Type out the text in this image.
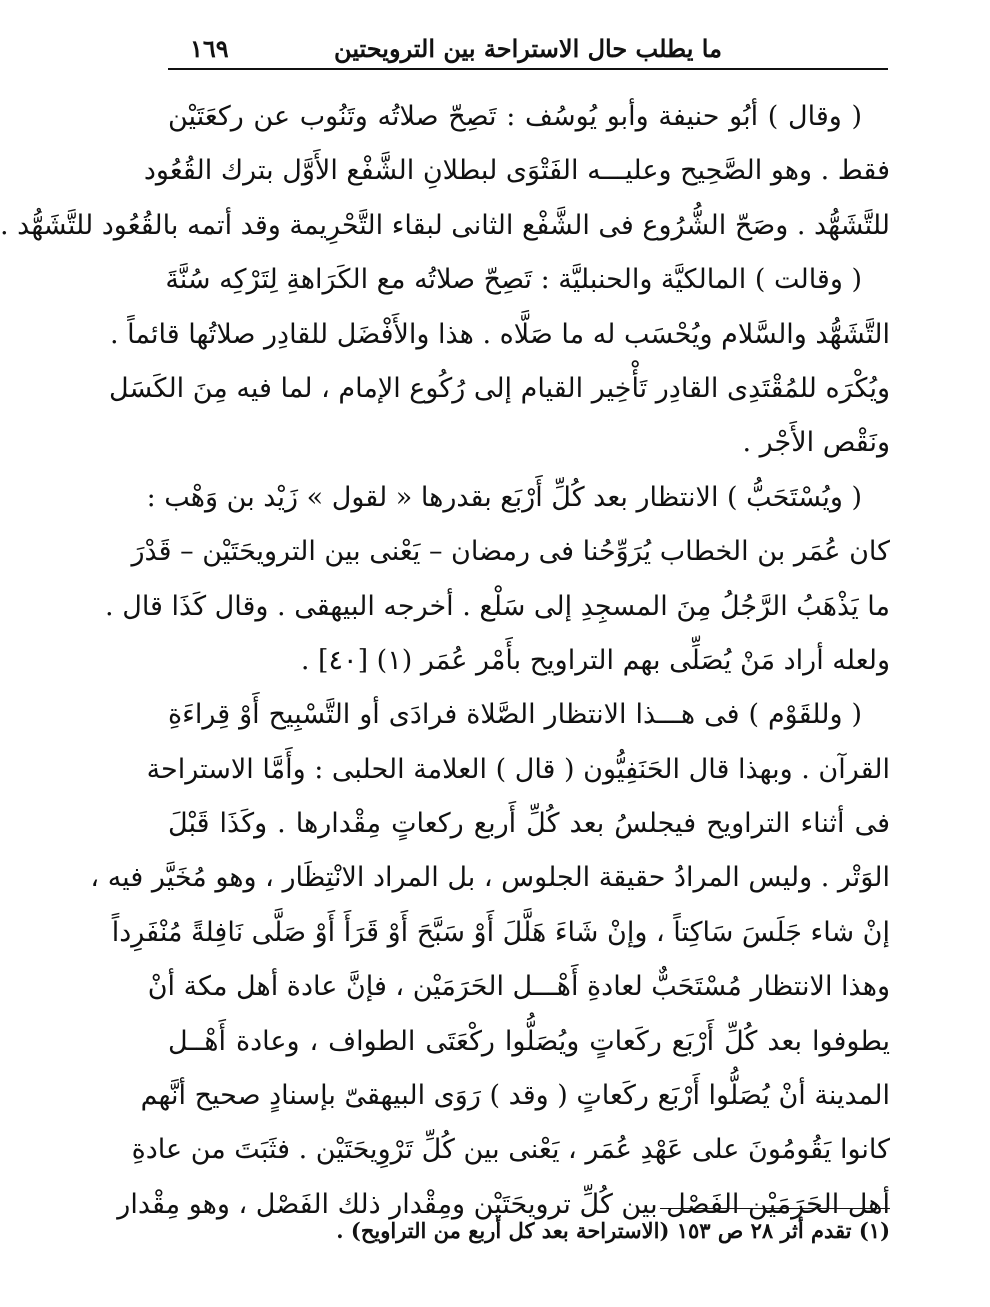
ما يطلب حال الاستراحة بين الترويحتين
١٦٩
( وقال ) أبُو حنيفة وأبو يُوسُف : تَصِحّ صلاتُه وتَنُوب عن ركعَتَيْن
فقط . وهو الصَّحِيح وعليـــه الفَتْوَى لبطلانِ الشَّفْع الأَوَّل بترك القُعُود
للتَّشَهُّد . وصَحّ الشُّرُوع فى الشَّفْع الثانى لبقاء التَّحْرِيمة وقد أتمه بالقُعُود للتَّشَهُّد .
( وقالت ) المالكيَّة والحنبليَّة : تَصِحّ صلاتُه مع الكَرَاهةِ لِتَرْكِه سُنَّةَ
التَّشَهُّد والسَّلام ويُحْسَب له ما صَلَّاه . هذا والأَفْضَل للقادِر صلاتُها قائماً .
ويُكْرَه للمُقْتَدِى القادِر تَأْخِير القيام إلى رُكُوع الإمام ، لما فيه مِنَ الكَسَل
ونَقْص الأَجْر .
( ويُسْتَحَبُّ ) الانتظار بعد كُلِّ أَرْبَع بقدرها « لقول » زَيْد بن وَهْب :
كان عُمَر بن الخطاب يُرَوِّحُنا فى رمضان – يَعْنى بين الترويحَتَيْن – قَدْرَ
ما يَذْهَبُ الرَّجُلُ مِنَ المسجِدِ إلى سَلْع . أخرجه البيهقى . وقال كَذَا قال .
ولعله أراد مَنْ يُصَلِّى بهم التراويح بأَمْر عُمَر (١) [٤٠] .
( وللقَوْم ) فى هـــذا الانتظار الصَّلاة فرادَى أو التَّسْبِيح أَوْ قِراءَةِ
القرآن . وبهذا قال الحَنَفِيُّون ( قال ) العلامة الحلبى : وأَمَّا الاستراحة
فى أثناء التراويح فيجلسُ بعد كُلِّ أَربع ركعاتٍ مِقْدارها . وكَذَا قَبْلَ
الوَتْر . وليس المرادُ حقيقة الجلوس ، بل المراد الانْتِظَار ، وهو مُخَيَّر فيه ،
إنْ شاء جَلَسَ سَاكِتاً ، وإنْ شَاءَ هَلَّلَ أَوْ سَبَّحَ أَوْ قَرَأَ أَوْ صَلَّى نَافِلةً مُنْفَرِداً
وهذا الانتظار مُسْتَحَبٌّ لعادةِ أَهْـــل الحَرَمَيْن ، فإنَّ عادة أهل مكة أنْ
يطوفوا بعد كُلِّ أَرْبَع ركَعاتٍ ويُصَلُّوا ركْعَتَى الطواف ، وعادة أَهْــل
المدينة أنْ يُصَلُّوا أَرْبَع ركَعاتٍ ( وقد ) رَوَى البيهقىّ بإسنادٍ صحيح أنَّهم
كانوا يَقُومُونَ على عَهْدِ عُمَر ، يَعْنى بين كُلِّ تَرْوِيحَتَيْن . فثَبَتَ من عادةِ
أهل الحَرَمَيْن الفَصْل بين كُلِّ ترويحَتَيْن ومِقْدار ذلك الفَصْل ، وهو مِقْدار
(١) تقدم أثر ٢٨ ص ١٥٣ (الاستراحة بعد كل أربع من التراويح) .
